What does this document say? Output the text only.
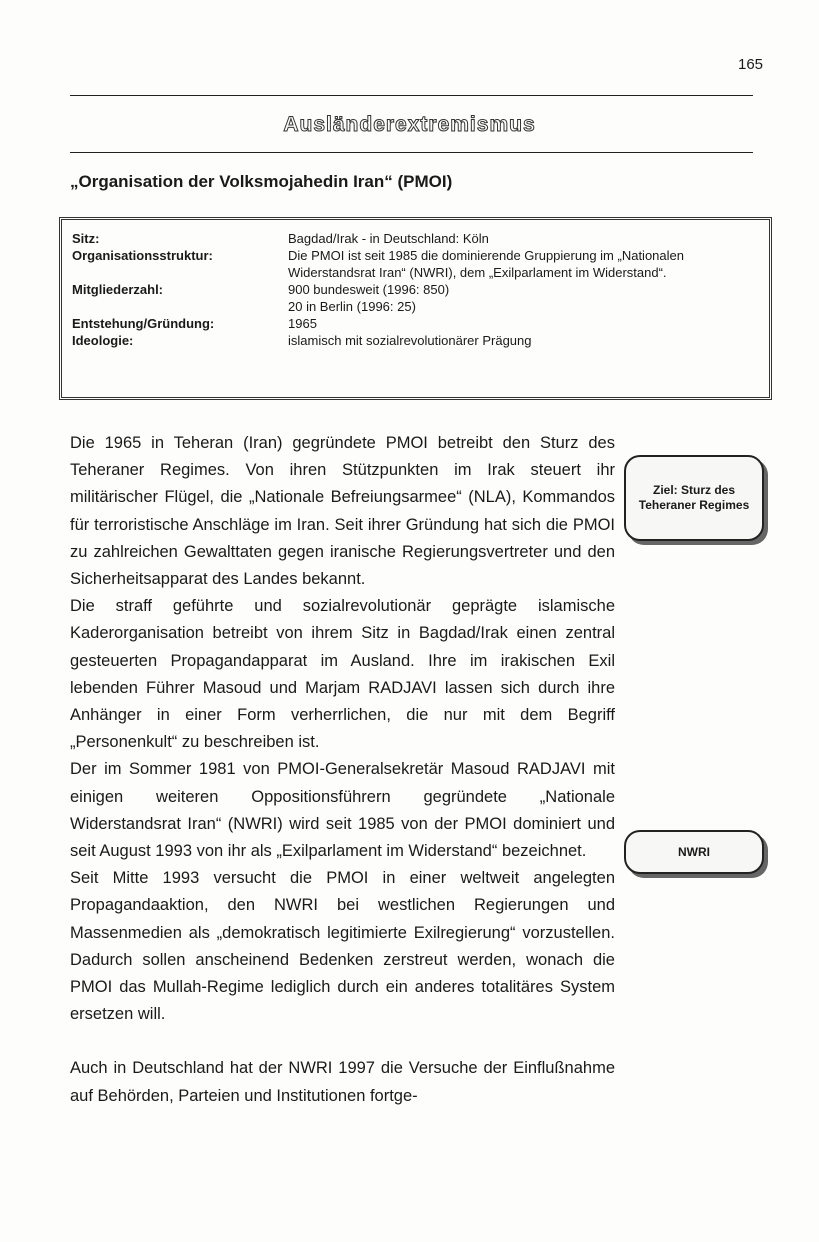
165
Ausländerextremismus
„Organisation der Volksmojahedin Iran“ (PMOI)
Sitz:	Bagdad/Irak - in Deutschland: Köln
Organisationsstruktur:	Die PMOI ist seit 1985 die dominierende Gruppierung im „Nationalen Widerstandsrat Iran“ (NWRI), dem „Exilparlament im Widerstand“.
Mitgliederzahl:	900 bundesweit (1996: 850)
20 in Berlin (1996: 25)
Entstehung/Gründung:	1965
Ideologie:	islamisch mit sozialrevolutionärer Prägung

Die 1965 in Teheran (Iran) gegründete PMOI betreibt den Sturz des Teheraner Regimes. Von ihren Stützpunkten im Irak steuert ihr militärischer Flügel, die „Nationale Befreiungsarmee“ (NLA), Kommandos für terroristische Anschläge im Iran. Seit ihrer Gründung hat sich die PMOI zu zahlreichen Gewalttaten gegen iranische Regierungsvertreter und den Sicherheitsapparat des Landes bekannt.

Die straff geführte und sozialrevolutionär geprägte islamische Kaderorganisation betreibt von ihrem Sitz in Bagdad/Irak einen zentral gesteuerten Propagandapparat im Ausland. Ihre im irakischen Exil lebenden Führer Masoud und Marjam RADJAVI lassen sich durch ihre Anhänger in einer Form verherrlichen, die nur mit dem Begriff „Personenkult“ zu beschreiben ist.

Der im Sommer 1981 von PMOI-Generalsekretär Masoud RADJAVI mit einigen weiteren Oppositionsführern gegründete „Nationale Widerstandsrat Iran“ (NWRI) wird seit 1985 von der PMOI dominiert und seit August 1993 von ihr als „Exilparlament im Widerstand“ bezeichnet.

Seit Mitte 1993 versucht die PMOI in einer weltweit angelegten Propagandaaktion, den NWRI bei westlichen Regierungen und Massenmedien als „demokratisch legitimierte Exilregierung“ vorzustellen. Dadurch sollen anscheinend Bedenken zerstreut werden, wonach die PMOI das Mullah-Regime lediglich durch ein anderes totalitäres System ersetzen will.

Auch in Deutschland hat der NWRI 1997 die Versuche der Einflußnahme auf Behörden, Parteien und Institutionen fortge-

Ziel: Sturz des Teheraner Regimes
NWRI
